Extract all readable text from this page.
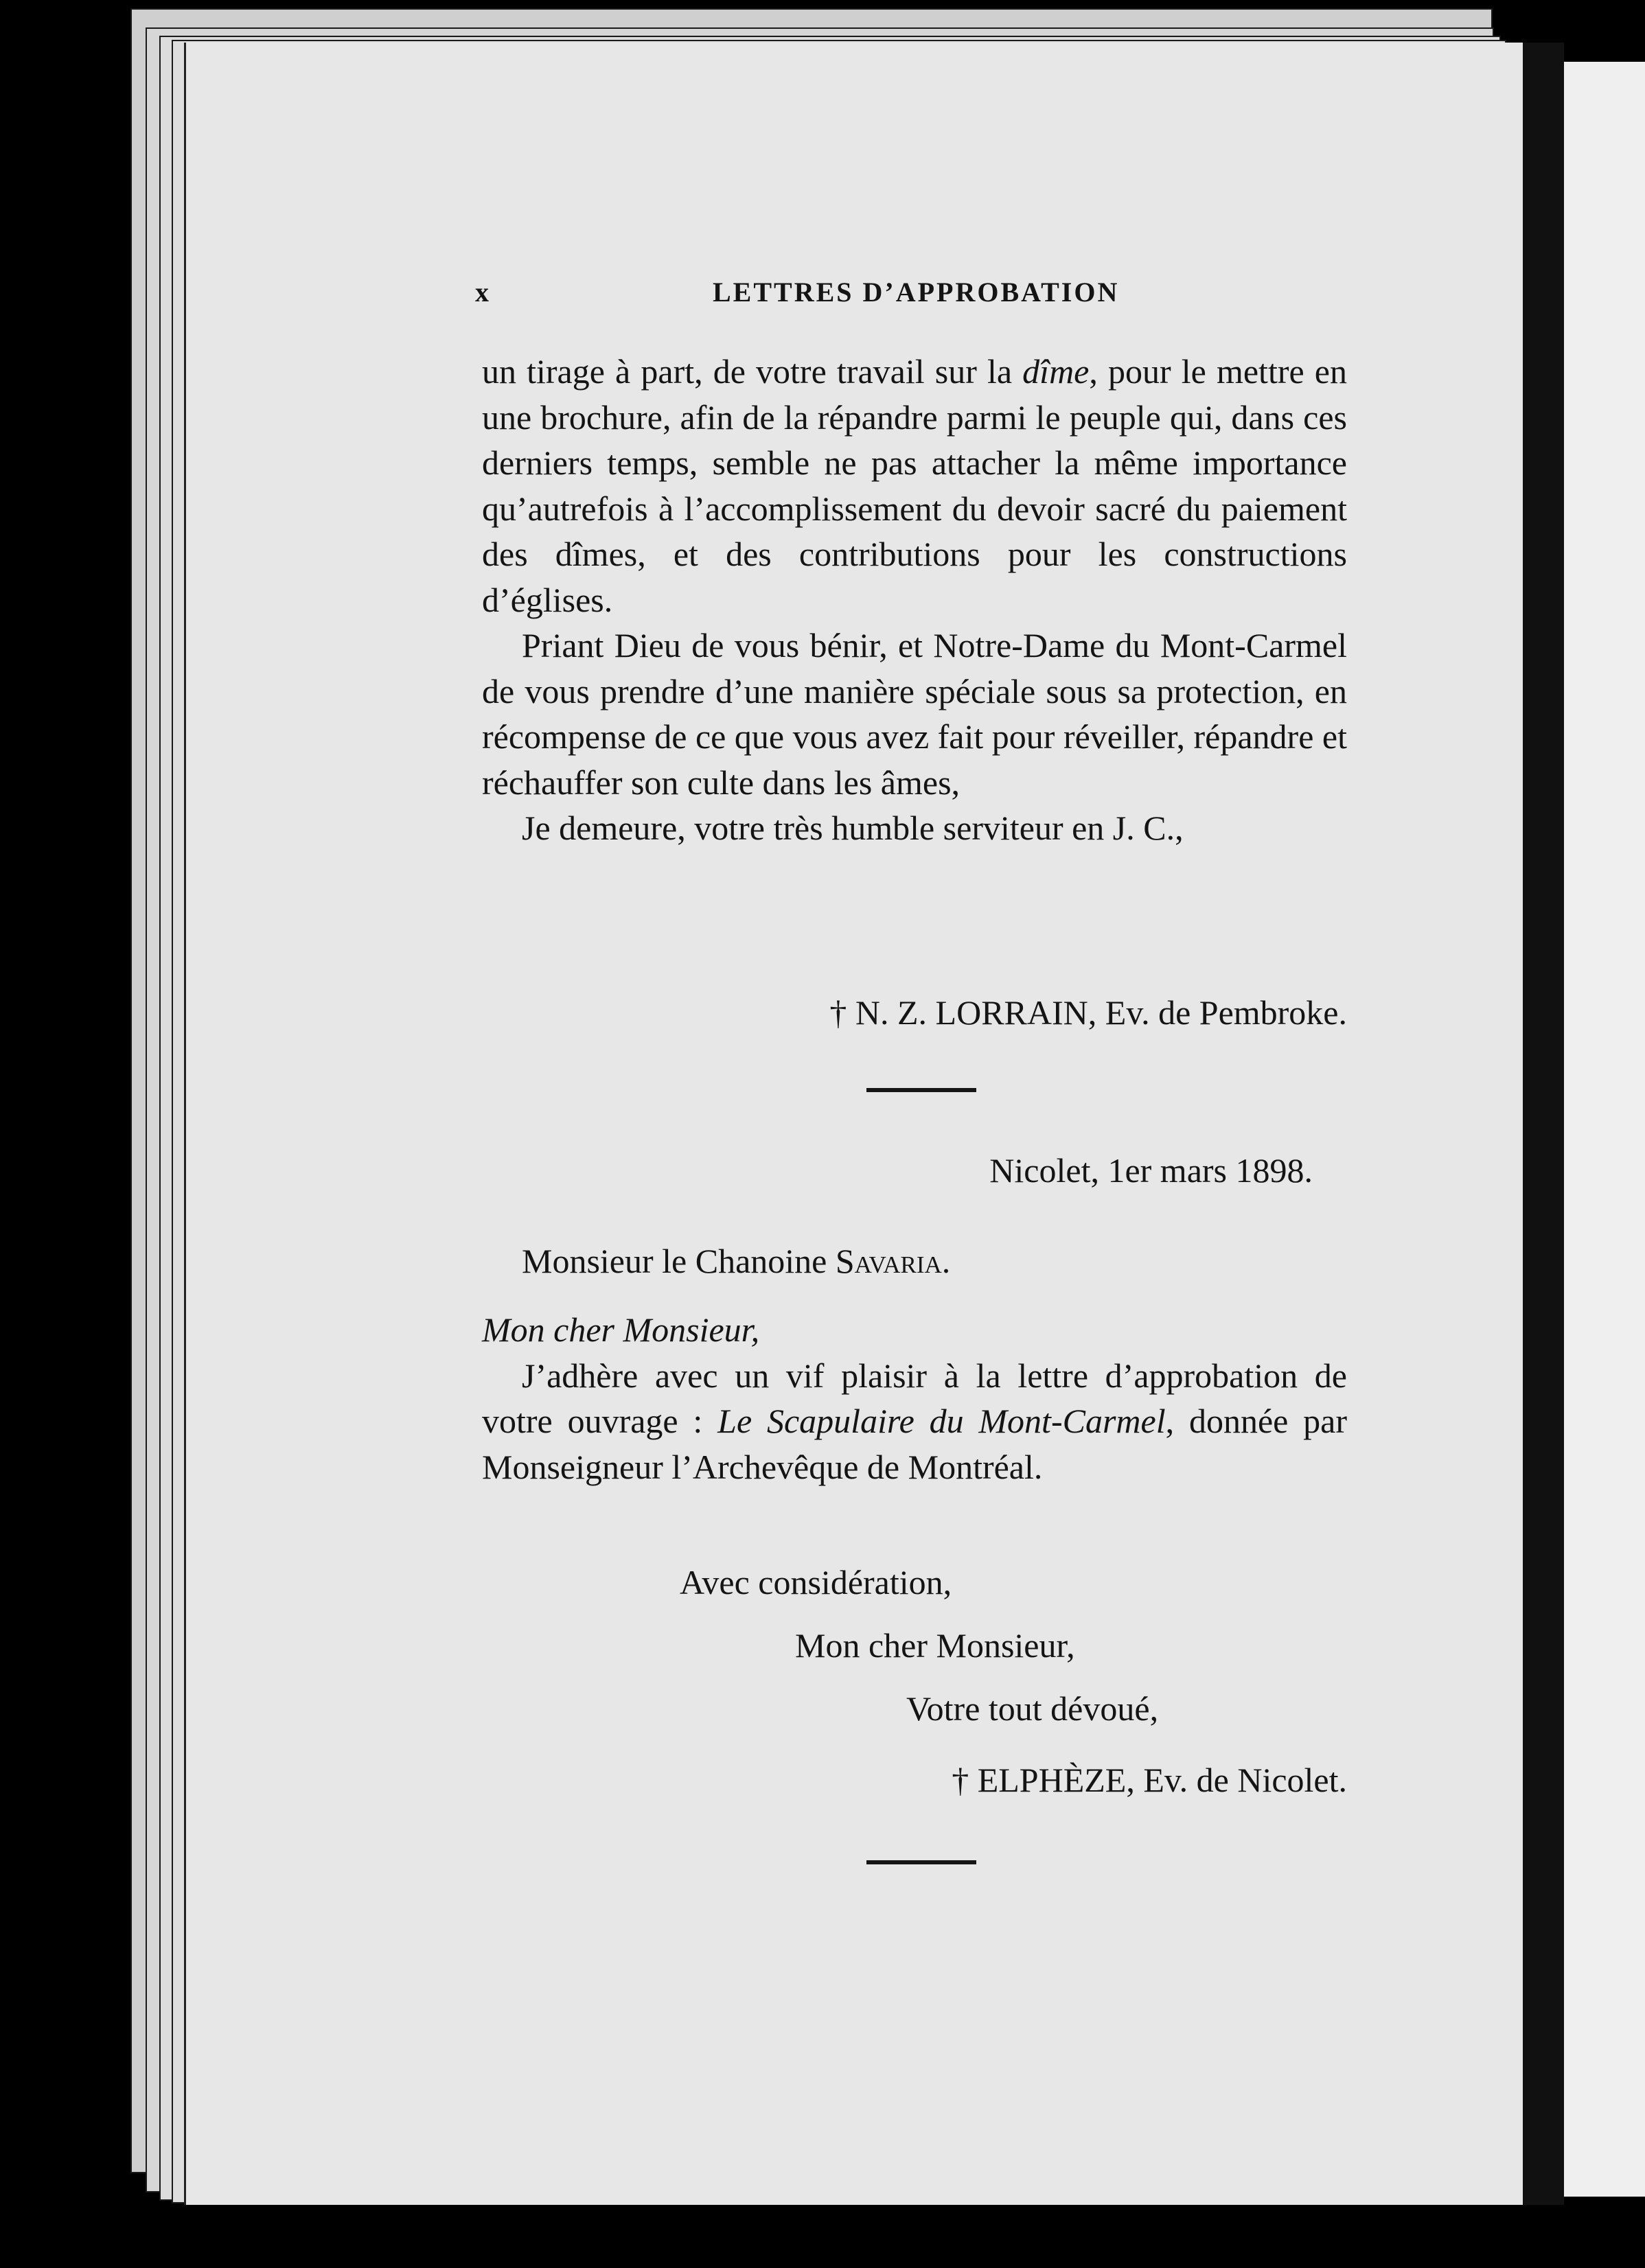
x	LETTRES D’APPROBATION

un tirage à part, de votre travail sur la dîme, pour le mettre en une brochure, afin de la répandre parmi le peuple qui, dans ces derniers temps, semble ne pas attacher la même importance qu’autrefois à l’accomplissement du devoir sacré du paiement des dîmes, et des contributions pour les constructions d’églises.

Priant Dieu de vous bénir, et Notre-Dame du Mont-Carmel de vous prendre d’une manière spéciale sous sa protection, en récompense de ce que vous avez fait pour réveiller, répandre et réchauffer son culte dans les âmes,

Je demeure, votre très humble serviteur en J. C.,

† N. Z. LORRAIN, Ev. de Pembroke.

Nicolet, 1er mars 1898.

Monsieur le Chanoine Savaria.

Mon cher Monsieur,

J’adhère avec un vif plaisir à la lettre d’approbation de votre ouvrage : Le Scapulaire du Mont-Carmel, donnée par Monseigneur l’Archevêque de Montréal.

Avec considération,

Mon cher Monsieur,

Votre tout dévoué,

† ELPHÈZE, Ev. de Nicolet.
